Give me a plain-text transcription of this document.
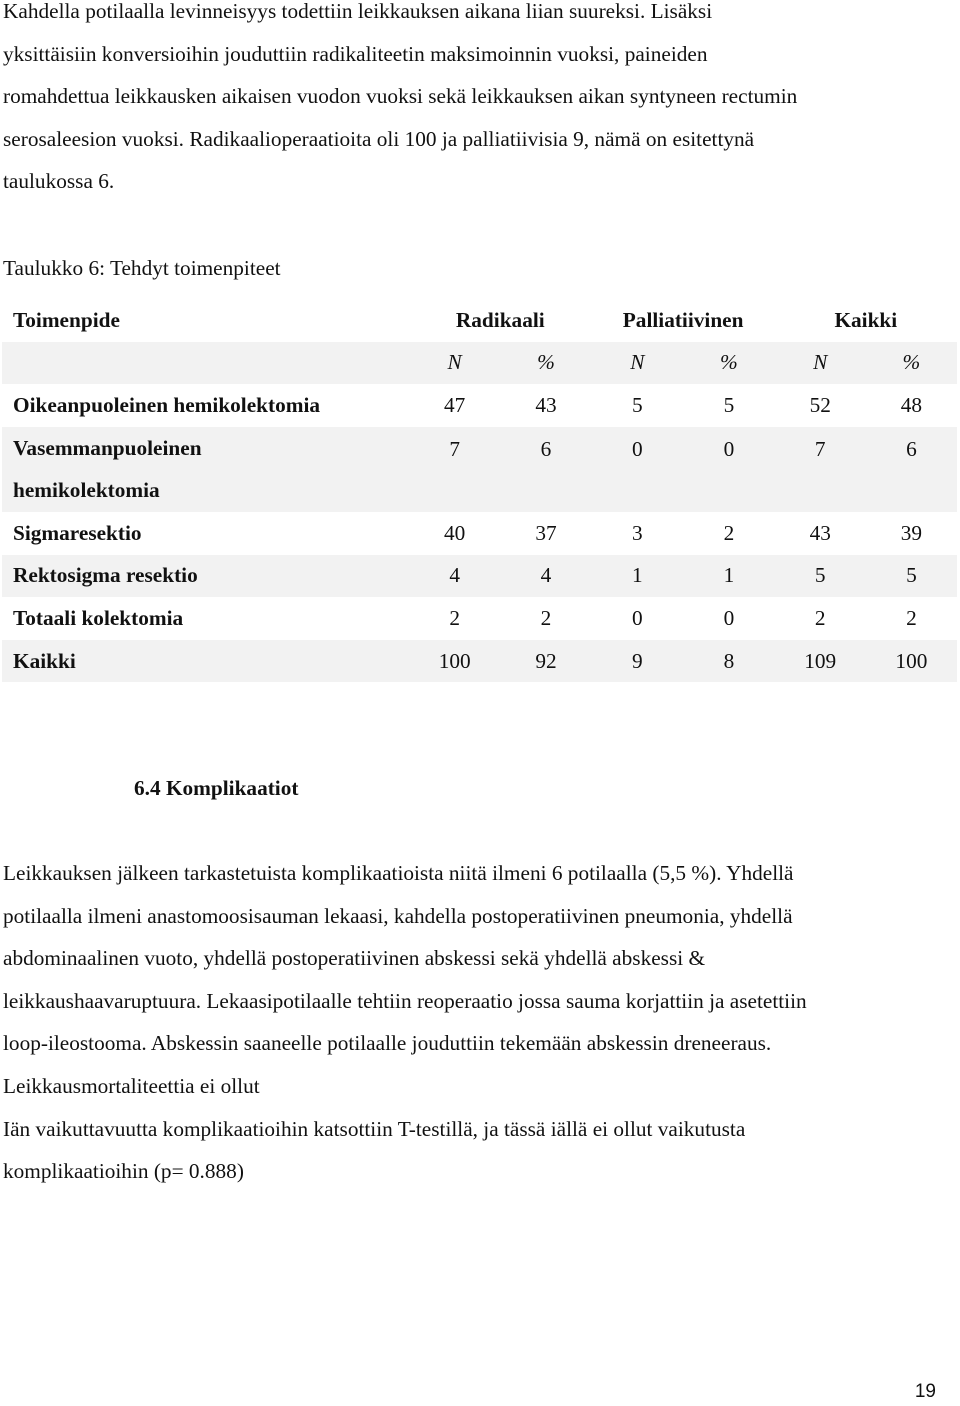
Kahdella potilaalla levinneisyys todettiin leikkauksen aikana liian suureksi. Lisäksi
yksittäisiin konversioihin jouduttiin radikaliteetin maksimoinnin vuoksi, paineiden
romahdettua leikkausken aikaisen vuodon vuoksi sekä leikkauksen aikan syntyneen rectumin
serosaleesion vuoksi. Radikaalioperaatioita oli 100 ja palliatiivisia 9, nämä on esitettynä
taulukossa 6.

Taulukko 6: Tehdyt toimenpiteet

Toimenpide	Radikaali		Palliatiivinen		Kaikki	
	N	%	N	%	N	%
Oikeanpuoleinen hemikolektomia	47	43	5	5	52	48
Vasemmanpuoleinen
hemikolektomia	7	6	0	0	7	6
Sigmaresektio	40	37	3	2	43	39
Rektosigma resektio	4	4	1	1	5	5
Totaali kolektomia	2	2	0	0	2	2
Kaikki	100	92	9	8	109	100

6.4 Komplikaatiot

Leikkauksen jälkeen tarkastetuista komplikaatioista niitä ilmeni 6 potilaalla (5,5 %). Yhdellä
potilaalla ilmeni anastomoosisauman lekaasi, kahdella postoperatiivinen pneumonia, yhdellä
abdominaalinen vuoto, yhdellä postoperatiivinen abskessi sekä yhdellä abskessi &
leikkaushaavaruptuura. Lekaasipotilaalle tehtiin reoperaatio jossa sauma korjattiin ja asetettiin
loop-ileostooma. Abskessin saaneelle potilaalle jouduttiin tekemään abskessin dreneeraus.
Leikkausmortaliteettia ei ollut
Iän vaikuttavuutta komplikaatioihin katsottiin T-testillä, ja tässä iällä ei ollut vaikutusta
komplikaatioihin (p= 0.888)
19
